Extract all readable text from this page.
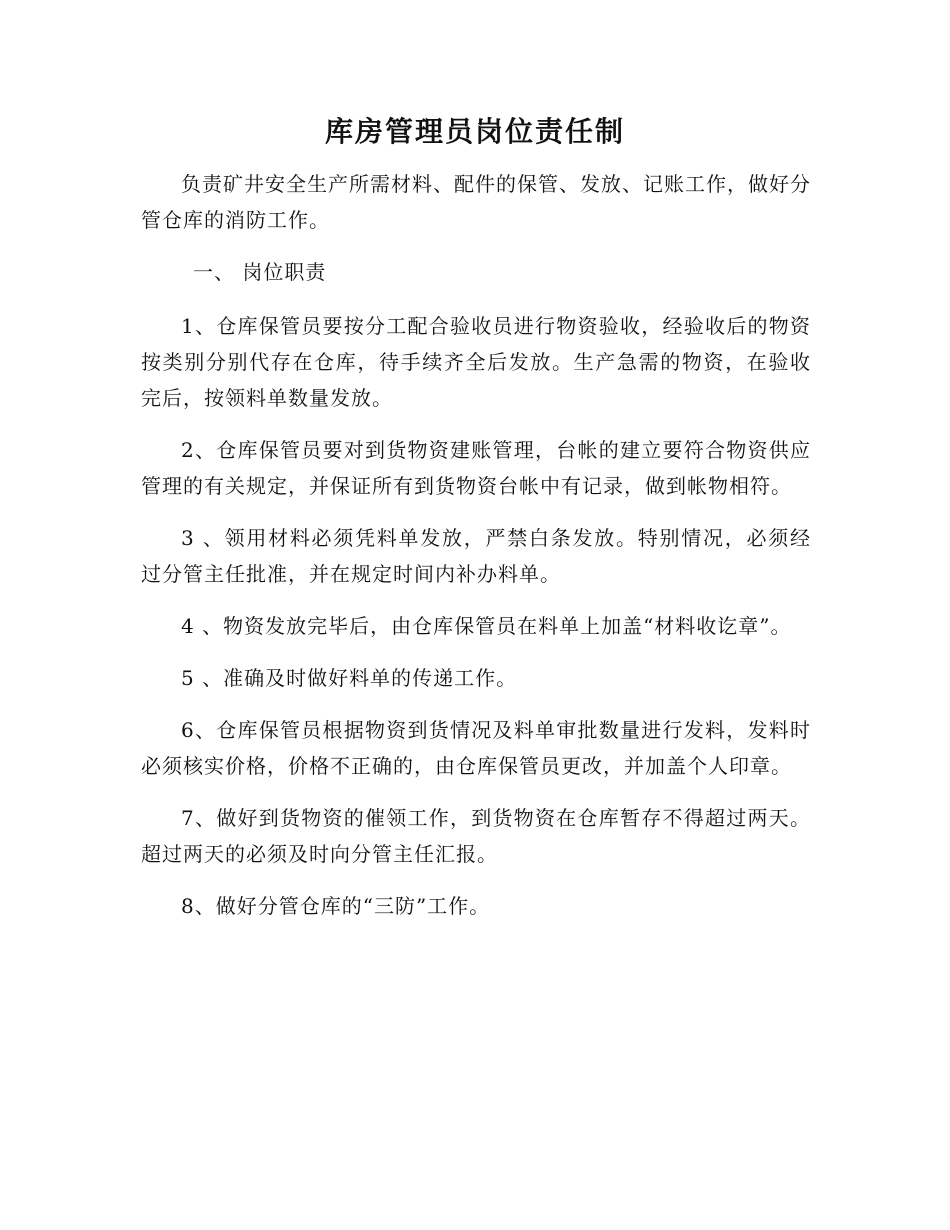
库房管理员岗位责任制

负责矿井安全生产所需材料、配件的保管、发放、记账工作，做好分管仓库的消防工作。

一、 岗位职责

1、仓库保管员要按分工配合验收员进行物资验收，经验收后的物资按类别分别代存在仓库，待手续齐全后发放。生产急需的物资，在验收完后，按领料单数量发放。

2、仓库保管员要对到货物资建账管理，台帐的建立要符合物资供应管理的有关规定，并保证所有到货物资台帐中有记录，做到帐物相符。

3 、领用材料必须凭料单发放，严禁白条发放。特别情况，必须经过分管主任批准，并在规定时间内补办料单。

4 、物资发放完毕后，由仓库保管员在料单上加盖“材料收讫章”。

5 、准确及时做好料单的传递工作。

6、仓库保管员根据物资到货情况及料单审批数量进行发料，发料时必须核实价格，价格不正确的，由仓库保管员更改，并加盖个人印章。

7、做好到货物资的催领工作，到货物资在仓库暂存不得超过两天。超过两天的必须及时向分管主任汇报。

8、做好分管仓库的“三防”工作。
